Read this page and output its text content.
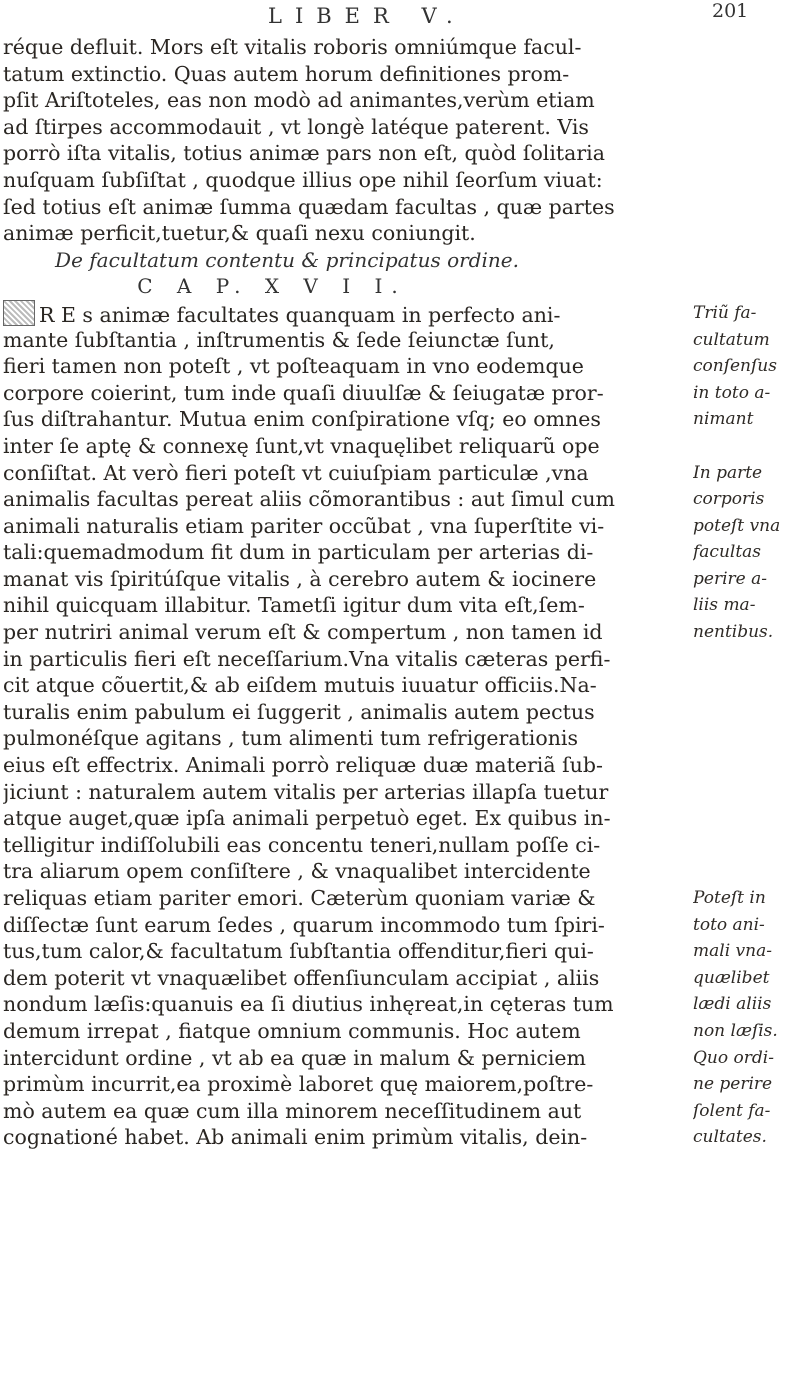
LIBER V.	201
réque defluit. Mors eſt vitalis roboris omniúmque facul-
tatum extinctio. Quas autem horum definitiones prom-
pſit Ariſtoteles, eas non modò ad animantes,verùm etiam
ad ſtirpes accommodauit , vt longè latéque paterent. Vis
porrò iſta vitalis, totius animæ pars non eſt, quòd ſolitaria
nuſquam ſubſiſtat , quodque illius ope nihil ſeorſum viuat:
ſed totius eſt animæ ſumma quædam facultas , quæ partes
animæ perficit,tuetur,& quaſi nexu coniungit.
De facultatum contentu & principatus ordine.
C A P. X V I I.
R E s animæ facultates quanquam in perfecto ani-
mante ſubſtantia , inſtrumentis & ſede ſeiunctæ ſunt,
fieri tamen non poteſt , vt poſteaquam in vno eodemque
corpore coierint, tum inde quaſi diuulſæ & ſeiugatæ pror-
ſus diſtrahantur. Mutua enim conſpiratione vſq; eo omnes
inter ſe aptę & connexę ſunt,vt vnaquęlibet reliquarũ ope
conſiſtat. At verò fieri poteſt vt cuiuſpiam particulæ ,vna
animalis facultas pereat aliis cõmorantibus : aut ſimul cum
animali naturalis etiam pariter occũbat , vna ſuperſtite vi-
tali:quemadmodum fit dum in particulam per arterias di-
manat vis ſpiritúſque vitalis , à cerebro autem & iocinere
nihil quicquam illabitur. Tametſi igitur dum vita eſt,ſem-
per nutriri animal verum eſt & compertum , non tamen id
in particulis fieri eſt neceſſarium.Vna vitalis cæteras perfi-
cit atque cõuertit,& ab eiſdem mutuis iuuatur officiis.Na-
turalis enim pabulum ei ſuggerit , animalis autem pectus
pulmonéſque agitans , tum alimenti tum refrigerationis
eius eſt effectrix. Animali porrò reliquæ duæ materiã ſub-
jiciunt : naturalem autem vitalis per arterias illapſa tuetur
atque auget,quæ ipſa animali perpetuò eget. Ex quibus in-
telligitur indiſſolubili eas concentu teneri,nullam poſſe ci-
tra aliarum opem conſiſtere , & vnaqualibet intercidente
reliquas etiam pariter emori. Cæterùm quoniam variæ &
diſſectæ ſunt earum ſedes , quarum incommodo tum ſpiri-
tus,tum calor,& facultatum ſubſtantia offenditur,fieri qui-
dem poterit vt vnaquælibet offenſiunculam accipiat , aliis
nondum læſis:quanuis ea ſi diutius inhęreat,in cęteras tum
demum irrepat , fiatque omnium communis. Hoc autem
intercidunt ordine , vt ab ea quæ in malum & perniciem
primùm incurrit,ea proximè laboret quę maiorem,poſtre-
mò autem ea quæ cum illa minorem neceſſitudinem aut
cognationé habet. Ab animali enim primùm vitalis, dein-
Triũ fa-
cultatum
conſenſus
in toto a-
nimant
In parte
corporis
poteſt vna
facultas
perire a-
liis ma-
nentibus.
Poteſt in
toto ani-
mali vna-
quælibet
lædi aliis
non læſis.
Quo ordi-
ne perire
ſolent fa-
cultates.
